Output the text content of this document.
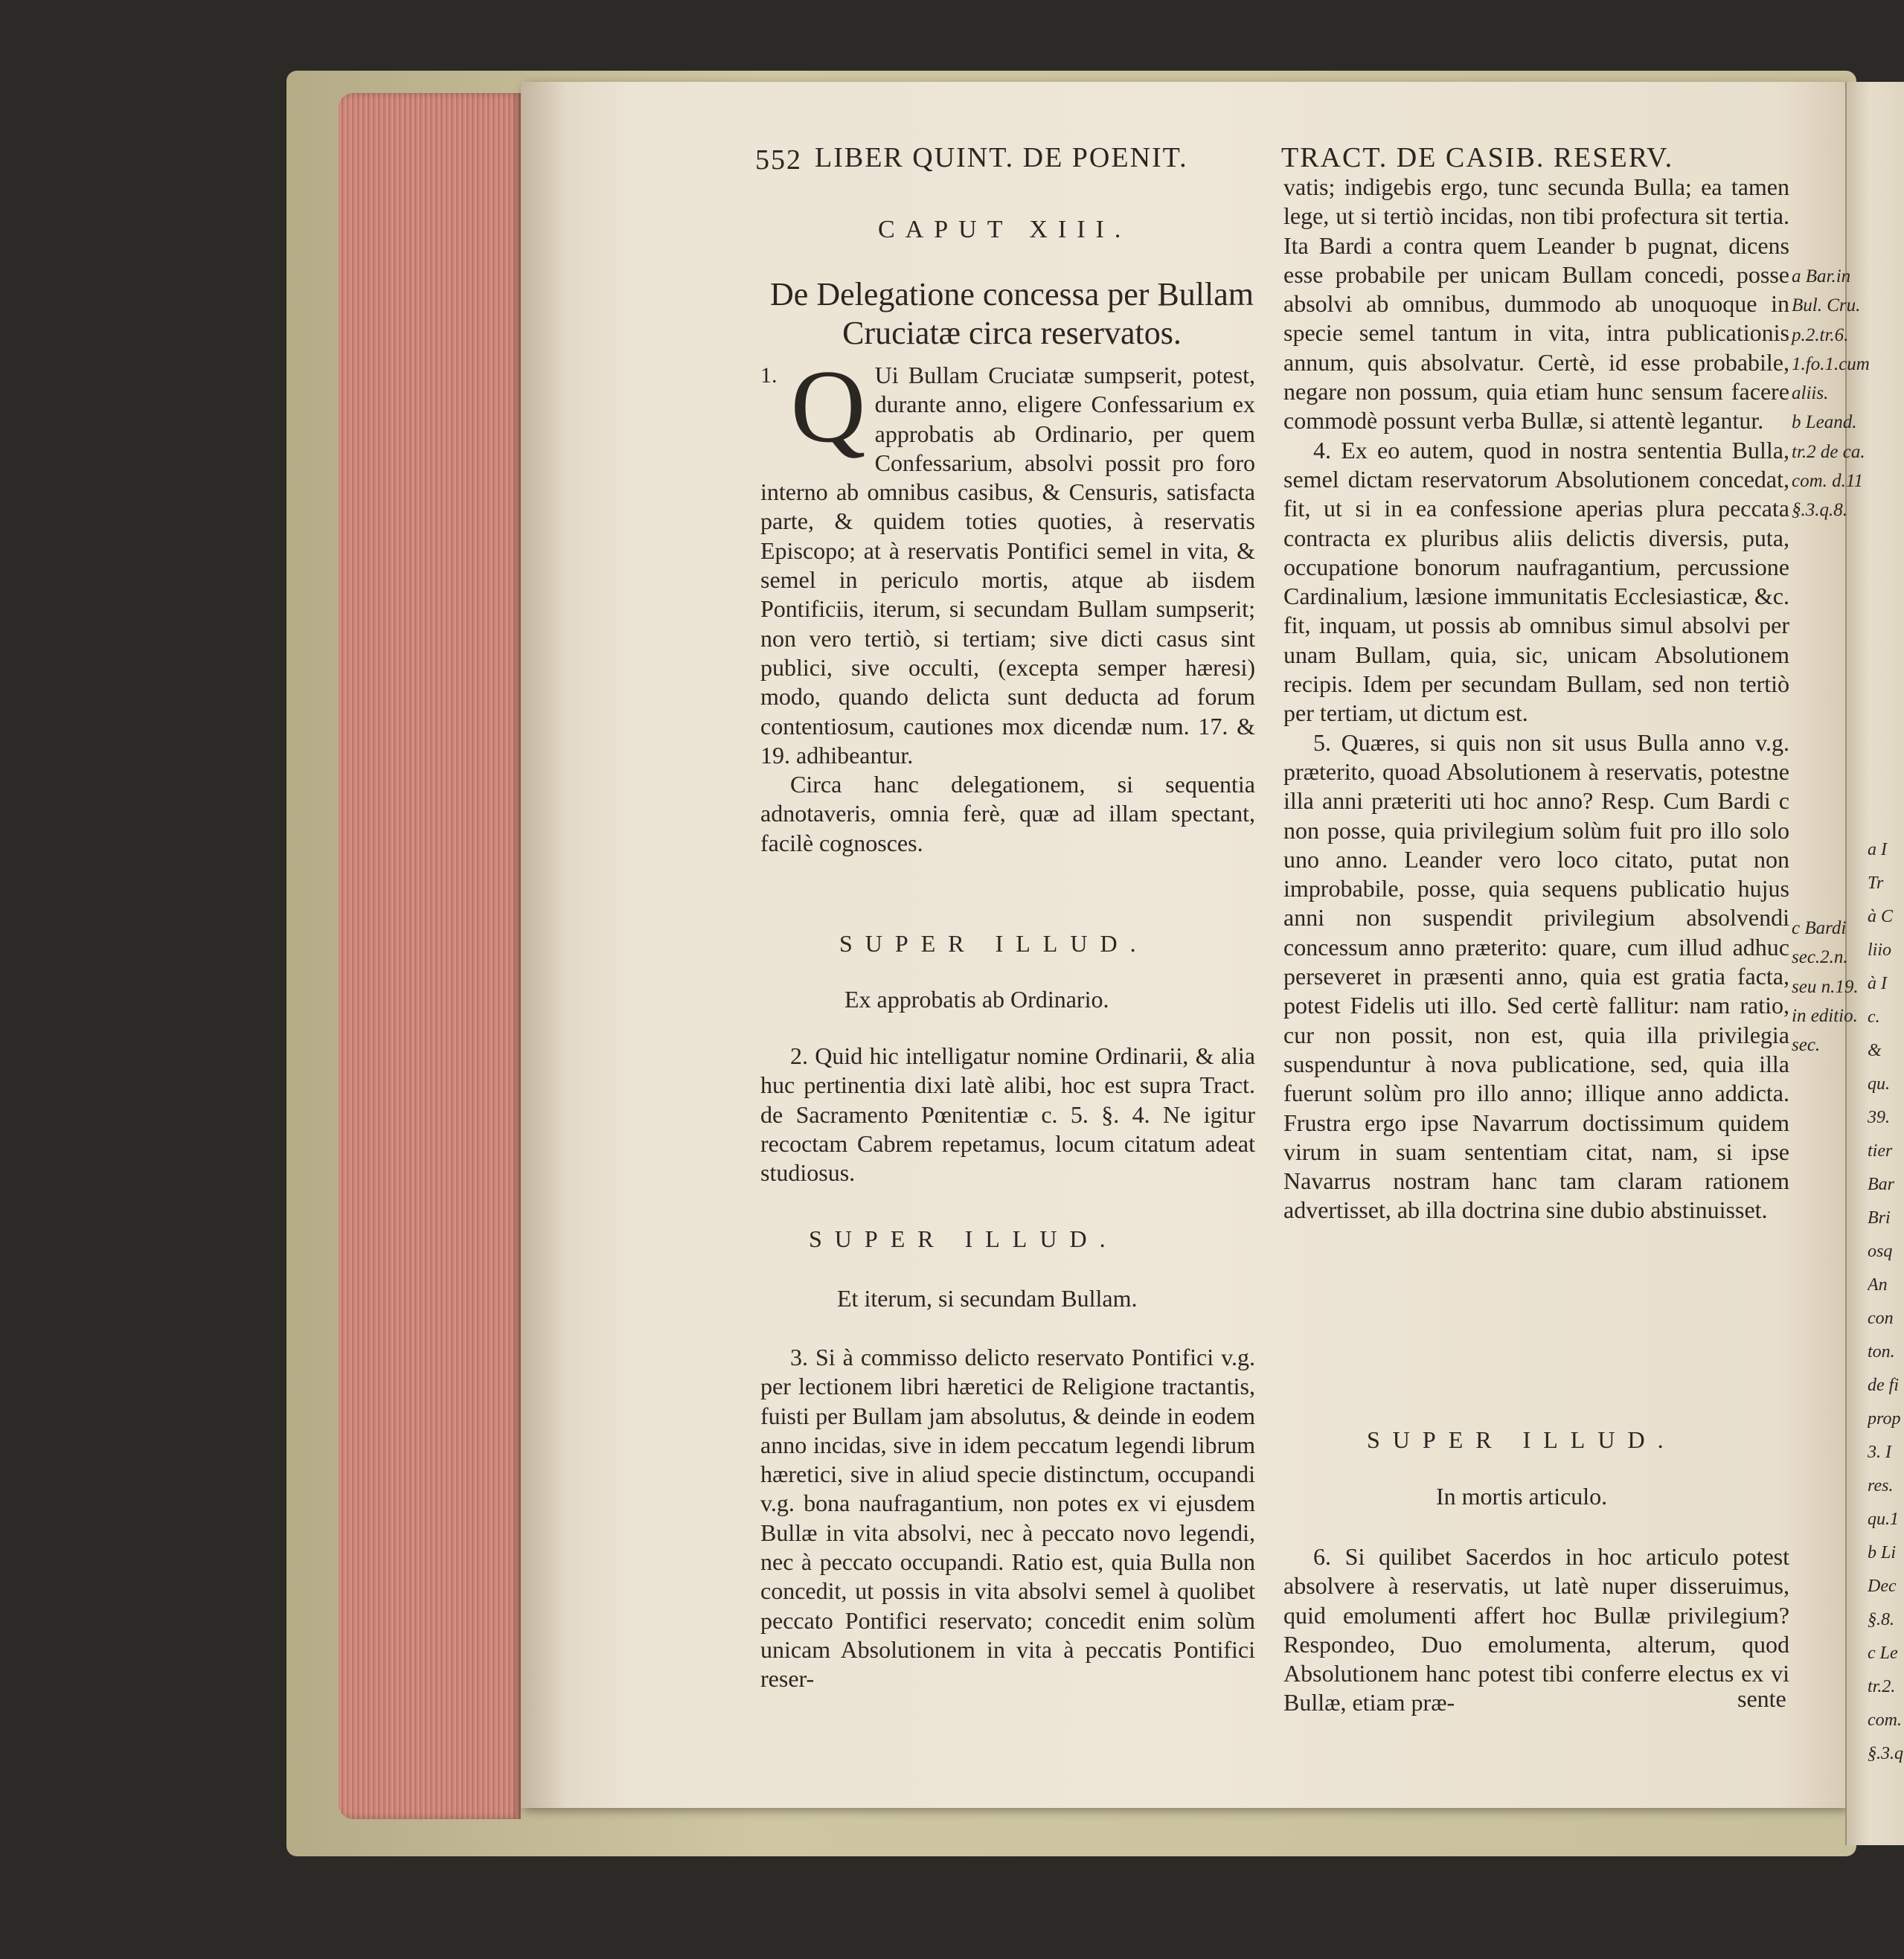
552 LIBER QUINT. DE POENIT.	TRACT. DE CASIB. RESERV.
CAPUT XIII.
De Delegatione concessa per Bullam
Cruciatæ circa reservatos.

1. Q Ui Bullam Cruciatæ sumpserit, potest, durante anno, eligere Confessarium ex approbatis ab Ordinario, per quem Confessarium, absolvi possit pro foro interno ab omnibus casibus, & Censuris, satisfacta parte, & quidem toties quoties, à reservatis Episcopo; at à reservatis Pontifici semel in vita, & semel in periculo mortis, atque ab iisdem Pontificiis, iterum, si secundam Bullam sumpserit; non vero tertiò, si tertiam; sive dicti casus sint publici, sive occulti, (excepta semper hæresi) modo, quando delicta sunt deducta ad forum contentiosum, cautiones mox dicendæ num. 17. & 19. adhibeantur.

Circa hanc delegationem, si sequentia adnotaveris, omnia ferè, quæ ad illam spectant, facilè cognosces.

SUPER ILLUD.
Ex approbatis ab Ordinario.

2. Quid hic intelligatur nomine Ordinarii, & alia huc pertinentia dixi latè alibi, hoc est supra Tract. de Sacramento Pœnitentiæ c. 5. §. 4. Ne igitur recoctam Cabrem repetamus, locum citatum adeat studiosus.

SUPER ILLUD.
Et iterum, si secundam Bullam.

3. Si à commisso delicto reservato Pontifici v.g. per lectionem libri hæretici de Religione tractantis, fuisti per Bullam jam absolutus, & deinde in eodem anno incidas, sive in idem peccatum legendi librum hæretici, sive in aliud specie distinctum, occupandi v.g. bona naufragantium, non potes ex vi ejusdem Bullæ in vita absolvi, nec à peccato novo legendi, nec à peccato occupandi. Ratio est, quia Bulla non concedit, ut possis in vita absolvi semel à quolibet peccato Pontifici reservato; concedit enim solùm unicam Absolutionem in vita à peccatis Pontifici reser-

vatis; indigebis ergo, tunc secunda Bulla; ea tamen lege, ut si tertiò incidas, non tibi profectura sit tertia. Ita Bardi a contra quem Leander b pugnat, dicens esse probabile per unicam Bullam concedi, posse absolvi ab omnibus, dummodo ab unoquoque in specie semel tantum in vita, intra publicationis annum, quis absolvatur. Certè, id esse probabile, negare non possum, quia etiam hunc sensum facere commodè possunt verba Bullæ, si attentè legantur.

4. Ex eo autem, quod in nostra sententia Bulla, semel dictam reservatorum Absolutionem concedat, fit, ut si in ea confessione aperias plura peccata contracta ex pluribus aliis delictis diversis, puta, occupatione bonorum naufragantium, percussione Cardinalium, læsione immunitatis Ecclesiasticæ, &c. fit, inquam, ut possis ab omnibus simul absolvi per unam Bullam, quia, sic, unicam Absolutionem recipis. Idem per secundam Bullam, sed non tertiò per tertiam, ut dictum est.

5. Quæres, si quis non sit usus Bulla anno v.g. præterito, quoad Absolutionem à reservatis, potestne illa anni præteriti uti hoc anno? Resp. Cum Bardi c non posse, quia privilegium solùm fuit pro illo solo uno anno. Leander vero loco citato, putat non improbabile, posse, quia sequens publicatio hujus anni non suspendit privilegium absolvendi concessum anno præterito: quare, cum illud adhuc perseveret in præsenti anno, quia est gratia facta, potest Fidelis uti illo. Sed certè fallitur: nam ratio, cur non possit, non est, quia illa privilegia suspenduntur à nova publicatione, sed, quia illa fuerunt solùm pro illo anno; illique anno addicta. Frustra ergo ipse Navarrum doctissimum quidem virum in suam sententiam citat, nam, si ipse Navarrus nostram hanc tam claram rationem advertisset, ab illa doctrina sine dubio abstinuisset.

SUPER ILLUD.
In mortis articulo.

6. Si quilibet Sacerdos in hoc articulo potest absolvere à reservatis, ut latè nuper disseruimus, quid emolumenti affert hoc Bullæ privilegium? Respondeo, Duo emolumenta, alterum, quod Absolutionem hanc potest tibi conferre electus ex vi Bullæ, etiam præ-	sente
a Bar.in
Bul. Cru.
p.2.tr.6.
1.fo.1.cum
aliis.
b Leand.
tr.2 de ca.
com. d.11
§.3.q.8.
c Bardi
sec.2.n.
seu n.19.
in editio.
sec.
a I
Tr
à C
liio
à I
c.
&
qu.
39.
tier
Bar
Bri
osq
An
con
ton.
de fi
prop
3. I
res.
qu.1
b Li
Dec
§.8.
c Le
tr.2.
com.
§.3.q
